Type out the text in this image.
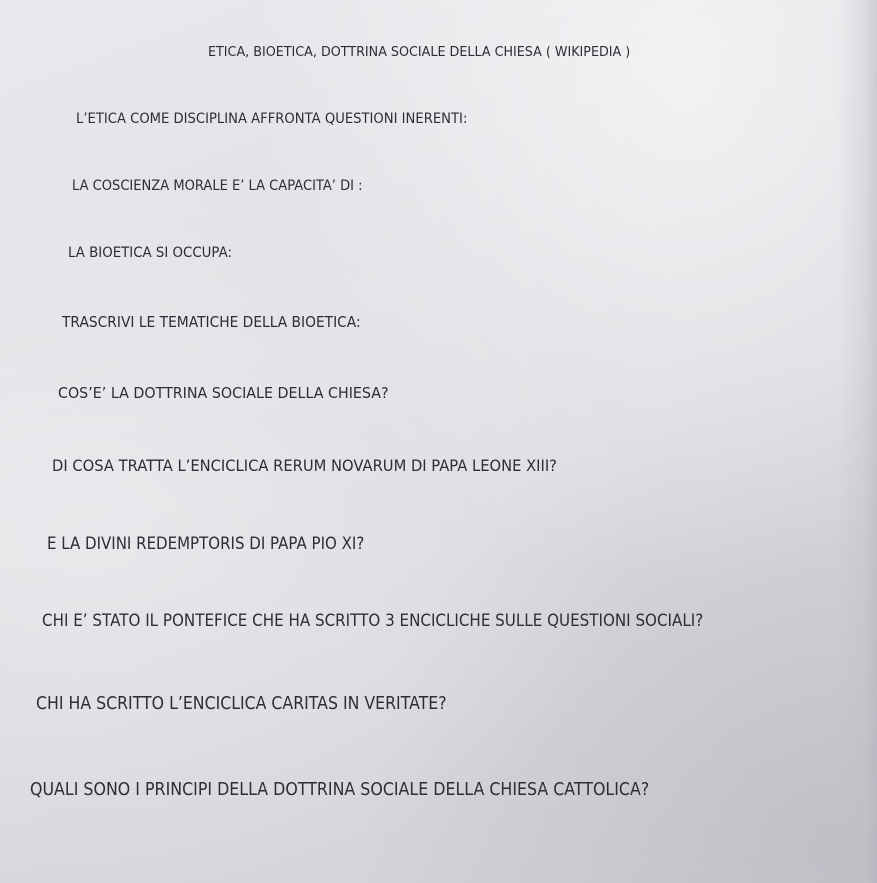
ETICA, BIOETICA, DOTTRINA SOCIALE DELLA CHIESA ( WIKIPEDIA )

L’ETICA COME DISCIPLINA AFFRONTA QUESTIONI INERENTI:

LA COSCIENZA MORALE E’ LA CAPACITA’ DI :

LA BIOETICA SI OCCUPA:

TRASCRIVI LE TEMATICHE DELLA BIOETICA:

COS’E’ LA DOTTRINA SOCIALE DELLA CHIESA?

DI COSA TRATTA L’ENCICLICA RERUM NOVARUM DI PAPA LEONE XIII?

E LA DIVINI REDEMPTORIS DI PAPA PIO XI?

CHI E’ STATO IL PONTEFICE CHE HA SCRITTO 3 ENCICLICHE SULLE QUESTIONI SOCIALI?

CHI HA SCRITTO L’ENCICLICA CARITAS IN VERITATE?

QUALI SONO I PRINCIPI DELLA DOTTRINA SOCIALE DELLA CHIESA CATTOLICA?
